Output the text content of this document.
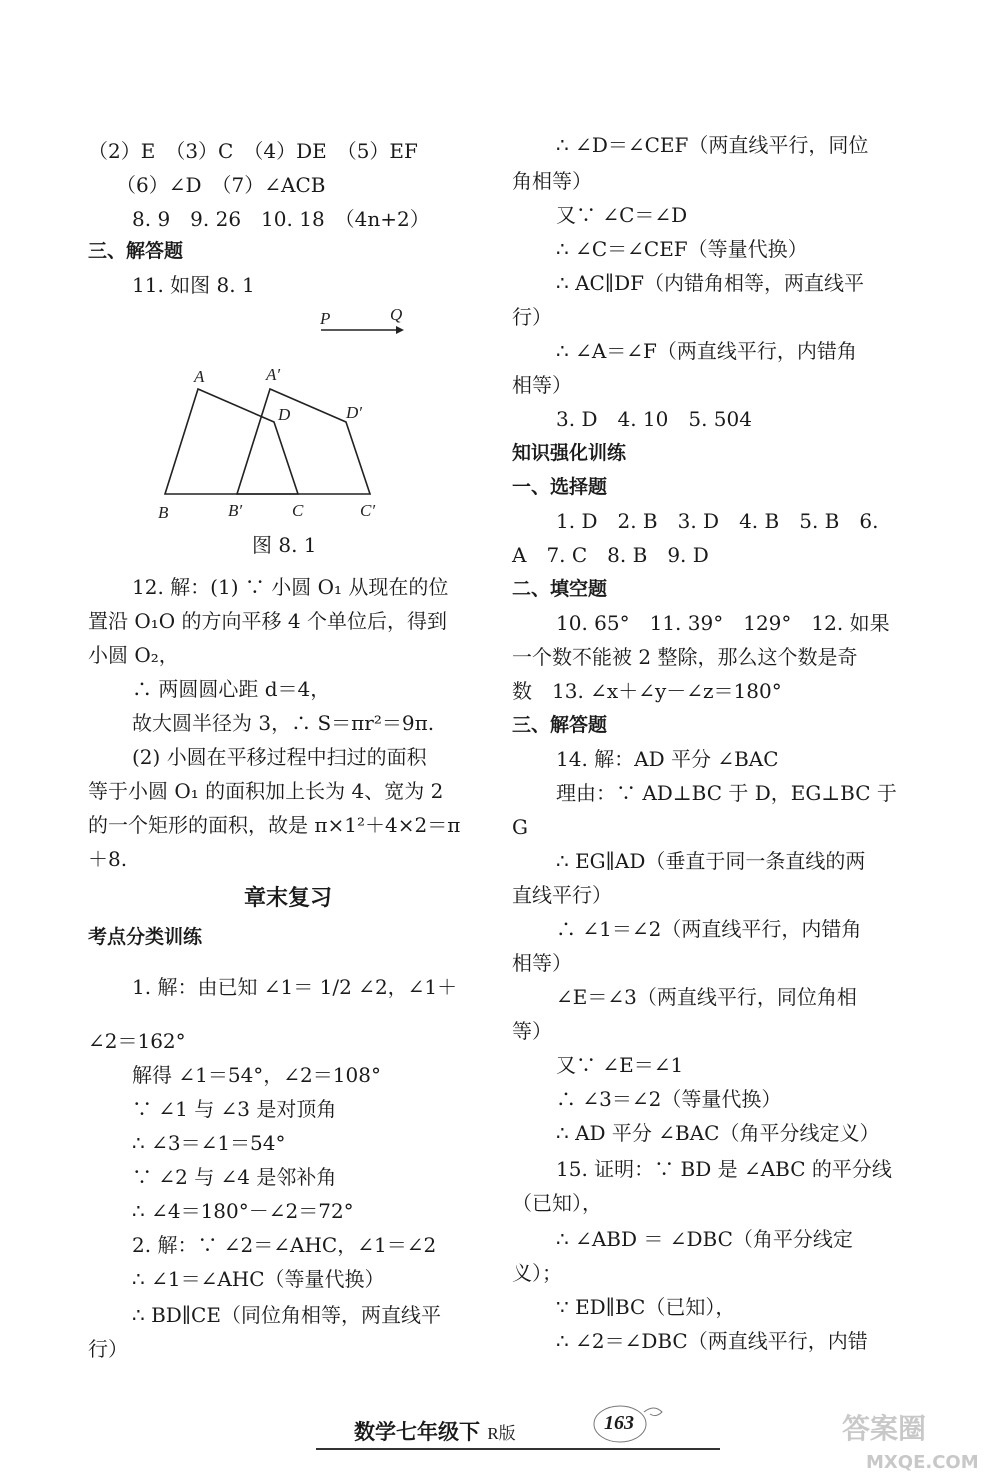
（2）E　（3）C　（4）DE　（5）EF
（6）∠D　（7）∠ACB
8. 9　9. 26　10. 18　（4n+2）
三、解答题
11. 如图 8. 1
P	Q
A	A′
D	D′
B	B′	C	C′
图 8. 1
12. 解：(1) ∵ 小圆 O₁ 从现在的位
置沿 O₁O 的方向平移 4 个单位后，得到
小圆 O₂，
∴ 两圆圆心距 d＝4，
故大圆半径为 3，∴ S＝πr²＝9π.
(2) 小圆在平移过程中扫过的面积
等于小圆 O₁ 的面积加上长为 4、宽为 2
的一个矩形的面积，故是 π×1²＋4×2＝π
＋8.
章末复习
考点分类训练
1. 解：由已知 ∠1＝ 1/2 ∠2，∠1＋
∠2＝162°
解得 ∠1＝54°，∠2＝108°
∵ ∠1 与 ∠3 是对顶角
∴ ∠3＝∠1＝54°
∵ ∠2 与 ∠4 是邻补角
∴ ∠4＝180°－∠2＝72°
2. 解：∵ ∠2＝∠AHC，∠1＝∠2
∴ ∠1＝∠AHC（等量代换）
∴ BD∥CE（同位角相等，两直线平
行）
∴ ∠D＝∠CEF（两直线平行，同位
角相等）
又∵ ∠C＝∠D
∴ ∠C＝∠CEF（等量代换）
∴ AC∥DF（内错角相等，两直线平
行）
∴ ∠A＝∠F（两直线平行，内错角
相等）
3. D　4. 10　5. 504
知识强化训练
一、选择题
1. D　2. B　3. D　4. B　5. B　6.
A　7. C　8. B　9. D
二、填空题
10. 65°　11. 39°　129°　12. 如果
一个数不能被 2 整除，那么这个数是奇
数　13. ∠x＋∠y－∠z＝180°
三、解答题
14. 解：AD 平分 ∠BAC
理由：∵ AD⊥BC 于 D，EG⊥BC 于
G
∴ EG∥AD（垂直于同一条直线的两
直线平行）
∴ ∠1＝∠2（两直线平行，内错角
相等）
∠E＝∠3（两直线平行，同位角相
等）
又∵ ∠E＝∠1
∴ ∠3＝∠2（等量代换）
∴ AD 平分 ∠BAC（角平分线定义）
15. 证明：∵ BD 是 ∠ABC 的平分线
（已知），
∴ ∠ABD ＝ ∠DBC（角平分线定
义）；
∵ ED∥BC（已知），
∴ ∠2＝∠DBC（两直线平行，内错
数学七年级下 R版	163	答案圈
MXQE.COM
